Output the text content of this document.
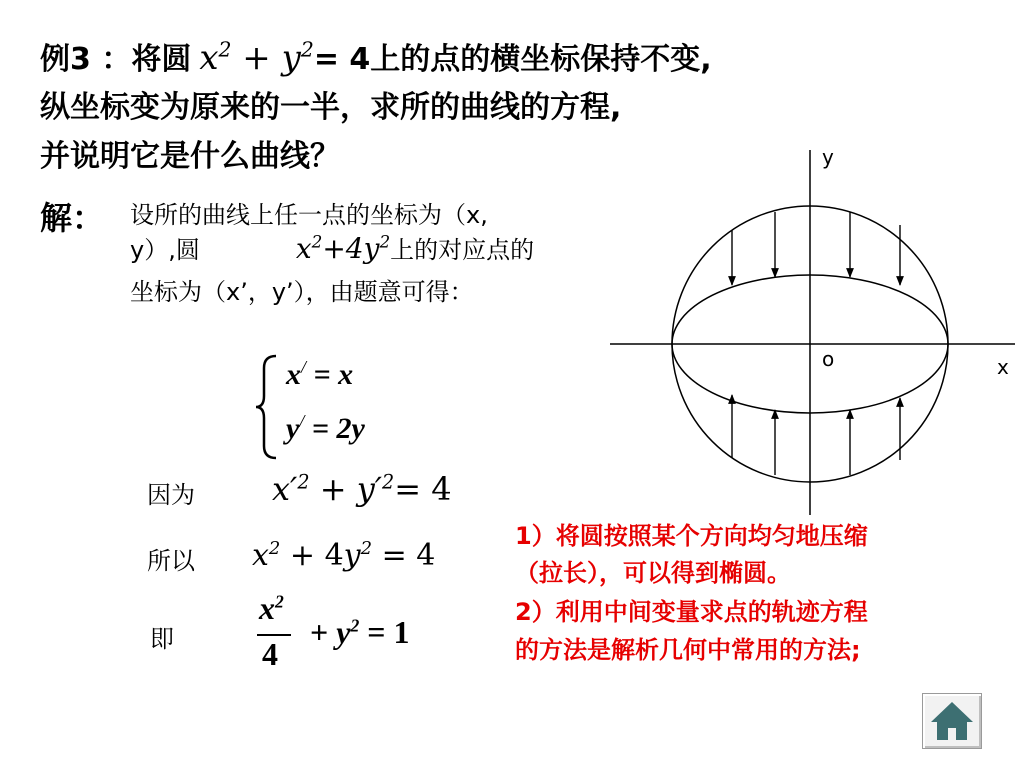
例3 ：将圆 $x^2 + y^2= 4$上的点的横坐标保持不变,
纵坐标变为原来的一半，求所的曲线的方程,
并说明它是什么曲线？
解： 设所的曲线上任一点的坐标为（x,
y）,圆	$x^2+4y^2$上的对应点的
坐标为（x’，y’），由题意可得：
x/ = x
y/ = 2y
因为 $x'^2 + y'^2= 4$
所以 $x^2 + 4y^2 = 4$
即
$x^2$
4
+ $y^2 = 1$
1）将圆按照某个方向均匀地压缩
（拉长），可以得到椭圆。
2）利用中间变量求点的轨迹方程
的方法是解析几何中常用的方法;
y
x
o
